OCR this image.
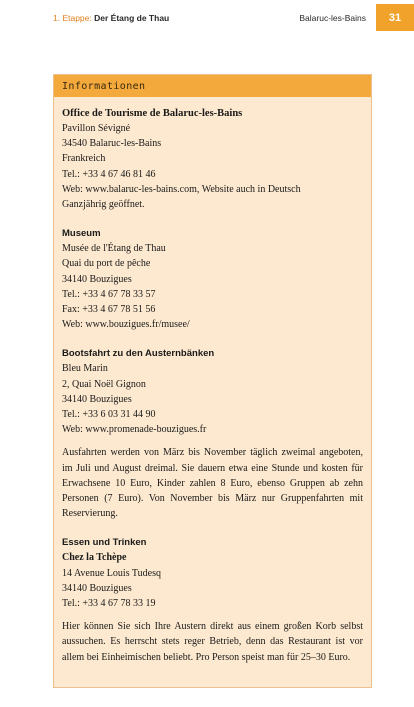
1. Etappe: Der Étang de Thau	Balaruc-les-Bains	31
Informationen
Office de Tourisme de Balaruc-les-Bains
Pavillon Sévigné
34540 Balaruc-les-Bains
Frankreich
Tel.: +33 4 67 46 81 46
Web: www.balaruc-les-bains.com, Website auch in Deutsch
Ganzjährig geöffnet.
Museum
Musée de l'Étang de Thau
Quai du port de pêche
34140 Bouzigues
Tel.: +33 4 67 78 33 57
Fax: +33 4 67 78 51 56
Web: www.bouzigues.fr/musee/
Bootsfahrt zu den Austernbänken
Bleu Marin
2, Quai Noël Gignon
34140 Bouzigues
Tel.: +33 6 03 31 44 90
Web: www.promenade-bouzigues.fr
Ausfahrten werden von März bis November täglich zweimal angeboten, im Juli und August dreimal. Sie dauern etwa eine Stunde und kosten für Erwachsene 10 Euro, Kinder zahlen 8 Euro, ebenso Gruppen ab zehn Personen (7 Euro). Von November bis März nur Gruppenfahrten mit Reservierung.
Essen und Trinken
Chez la Tchèpe
14 Avenue Louis Tudesq
34140 Bouzigues
Tel.: +33 4 67 78 33 19
Hier können Sie sich Ihre Austern direkt aus einem großen Korb selbst aussuchen. Es herrscht stets reger Betrieb, denn das Restaurant ist vor allem bei Einheimischen beliebt. Pro Person speist man für 25–30 Euro.
